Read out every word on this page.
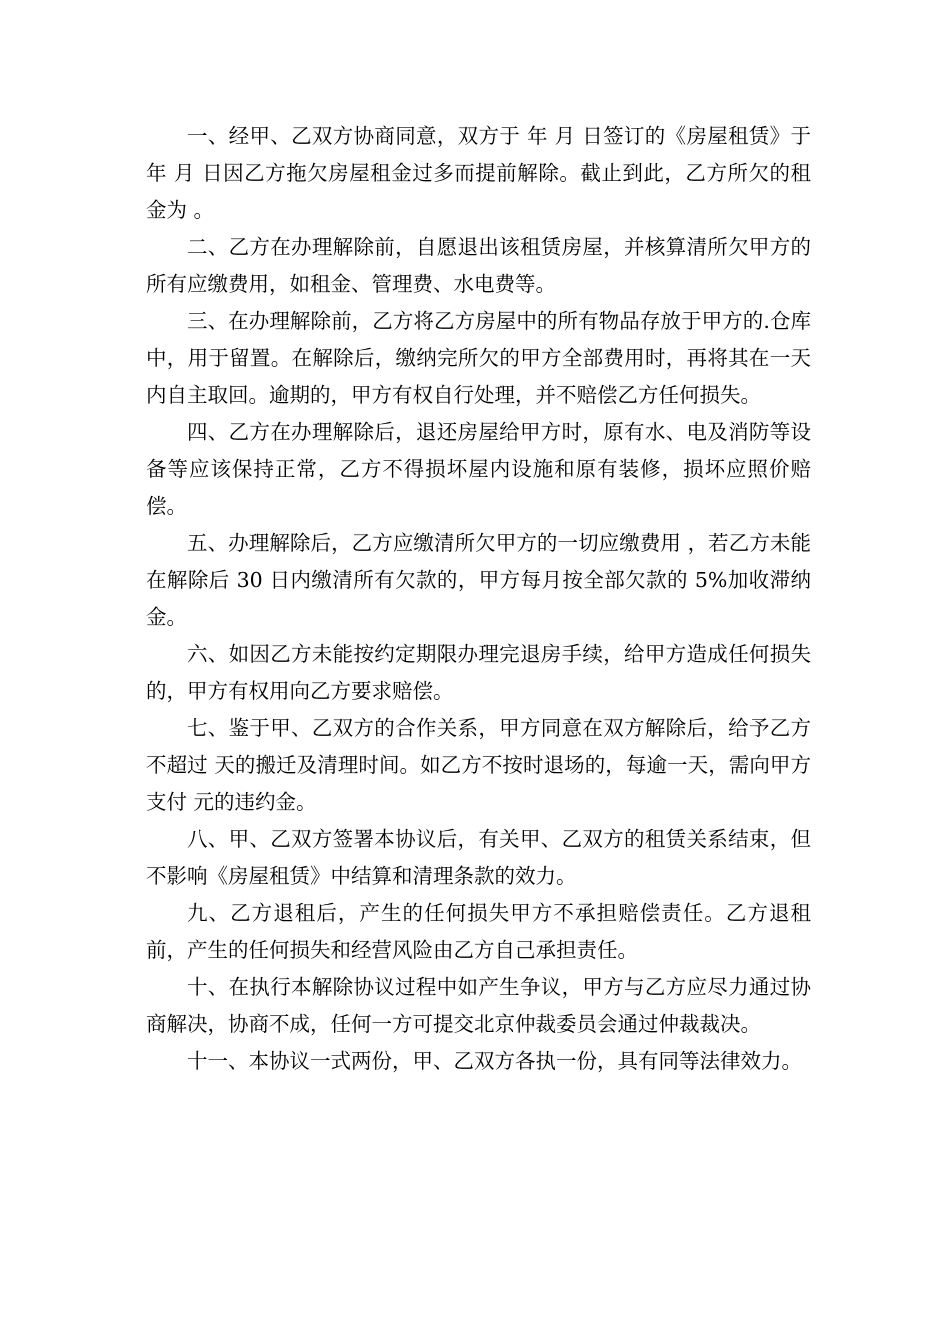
一、经甲、乙双方协商同意，双方于 年 月 日签订的《房屋租赁》于 年 月 日因乙方拖欠房屋租金过多而提前解除。截止到此，乙方所欠的租金为 。

二、乙方在办理解除前，自愿退出该租赁房屋，并核算清所欠甲方的所有应缴费用，如租金、管理费、水电费等。

三、在办理解除前，乙方将乙方房屋中的所有物品存放于甲方的.仓库中，用于留置。在解除后，缴纳完所欠的甲方全部费用时，再将其在一天内自主取回。逾期的，甲方有权自行处理，并不赔偿乙方任何损失。

四、乙方在办理解除后，退还房屋给甲方时，原有水、电及消防等设备等应该保持正常，乙方不得损坏屋内设施和原有装修，损坏应照价赔偿。

五、办理解除后，乙方应缴清所欠甲方的一切应缴费用 ，若乙方未能在解除后 30 日内缴清所有欠款的，甲方每月按全部欠款的 5%加收滞纳金。

六、如因乙方未能按约定期限办理完退房手续，给甲方造成任何损失的，甲方有权用向乙方要求赔偿。

七、鉴于甲、乙双方的合作关系，甲方同意在双方解除后，给予乙方不超过 天的搬迁及清理时间。如乙方不按时退场的，每逾一天，需向甲方支付 元的违约金。

八、甲、乙双方签署本协议后，有关甲、乙双方的租赁关系结束，但不影响《房屋租赁》中结算和清理条款的效力。

九、乙方退租后，产生的任何损失甲方不承担赔偿责任。乙方退租前，产生的任何损失和经营风险由乙方自己承担责任。

十、在执行本解除协议过程中如产生争议，甲方与乙方应尽力通过协商解决，协商不成，任何一方可提交北京仲裁委员会通过仲裁裁决。

十一、本协议一式两份，甲、乙双方各执一份，具有同等法律效力。
